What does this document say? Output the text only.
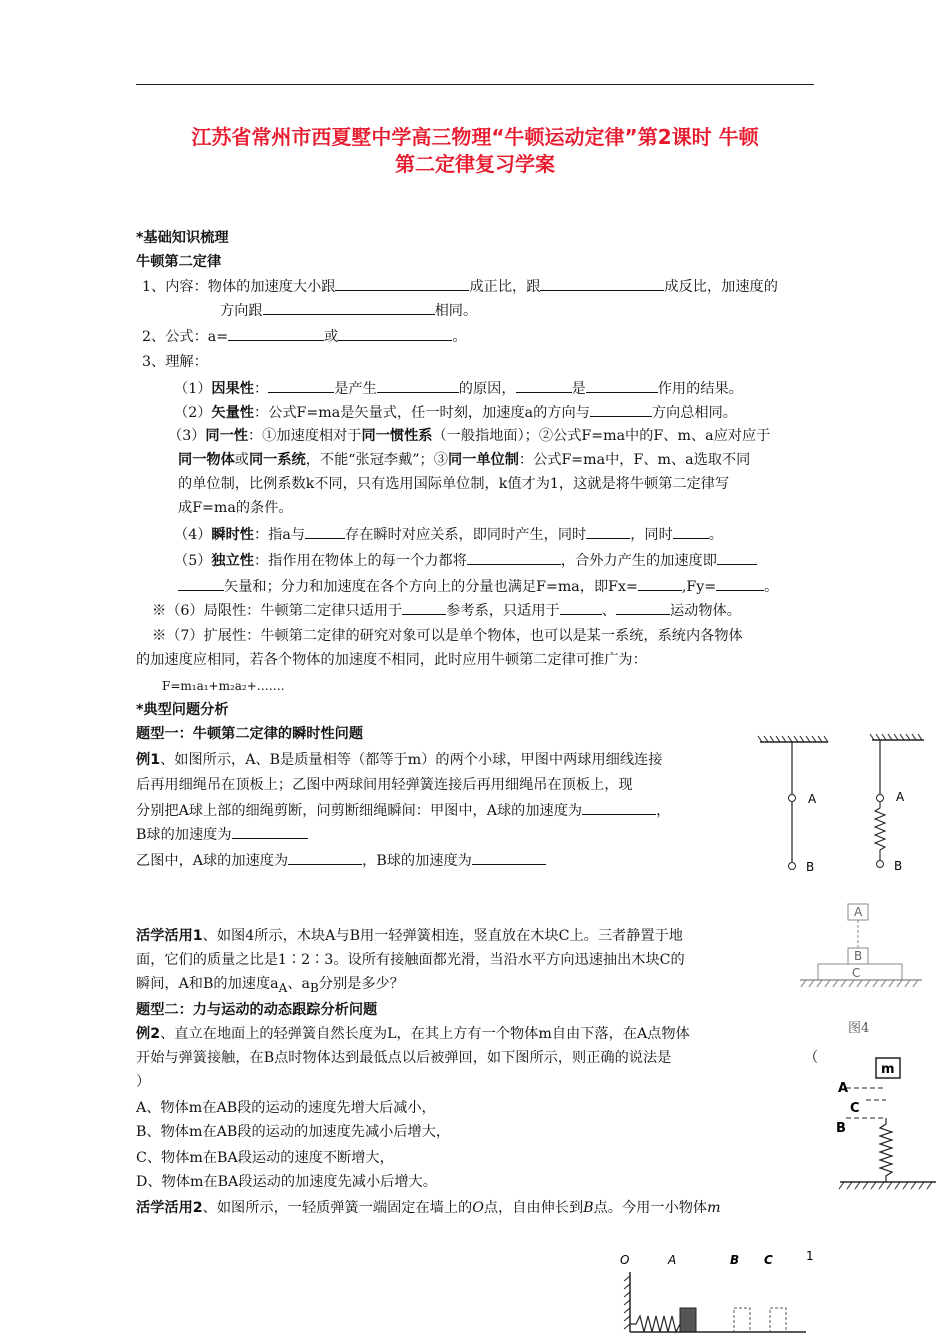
江苏省常州市西夏墅中学高三物理“牛顿运动定律”第2课时 牛顿
第二定律复习学案
*基础知识梳理
牛顿第二定律
1、内容：物体的加速度大小跟	成正比，跟	成反比，加速度的
方向跟	相同。
2、公式：a=	或	。
3、理解：
（1）因果性：	是产生	的原因，	是	作用的结果。
（2）矢量性：公式F=ma是矢量式，任一时刻，加速度a的方向与	方向总相同。
（3）同一性：①加速度相对于同一惯性系（一般指地面）；②公式F=ma中的F、m、a应对应于
同一物体或同一系统，不能“张冠李戴”；③同一单位制：公式F=ma中，F、m、a选取不同
的单位制，比例系数k不同，只有选用国际单位制，k值才为1，这就是将牛顿第二定律写
成F=ma的条件。
（4）瞬时性：指a与	存在瞬时对应关系，即同时产生，同时	，同时	。
（5）独立性：指作用在物体上的每一个力都将	，合外力产生的加速度即
矢量和；分力和加速度在各个方向上的分量也满足F=ma，即Fx=	,Fy=	。
※（6）局限性：牛顿第二定律只适用于	参考系，只适用于	、	运动物体。
※（7）扩展性：牛顿第二定律的研究对象可以是单个物体，也可以是某一系统，系统内各物体
的加速度应相同，若各个物体的加速度不相同，此时应用牛顿第二定律可推广为：
F=m₁a₁+m₂a₂+…….
*典型问题分析
题型一：牛顿第二定律的瞬时性问题
例1、如图所示，A、B是质量相等（都等于m）的两个小球，甲图中两球用细线连接
后再用细绳吊在顶板上；乙图中两球间用轻弹簧连接后再用细绳吊在顶板上，现
分别把A球上部的细绳剪断，问剪断细绳瞬间：甲图中，A球的加速度为	，
B球的加速度为
乙图中，A球的加速度为	，B球的加速度为
活学活用1、如图4所示，木块A与B用一轻弹簧相连，竖直放在木块C上。三者静置于地
面，它们的质量之比是1∶2∶3。设所有接触面都光滑，当沿水平方向迅速抽出木块C的
瞬间，A和B的加速度$a_A$、$a_B$分别是多少？
题型二：力与运动的动态跟踪分析问题
例2、直立在地面上的轻弹簧自然长度为L，在其上方有一个物体m自由下落，在A点物体
开始与弹簧接触，在B点时物体达到最低点以后被弹回，如下图所示，则正确的说法是	（
）
A、物体m在AB段的运动的速度先增大后减小，
B、物体m在AB段的运动的加速度先减小后增大，
C、物体m在BA段运动的速度不断增大，
D、物体m在BA段运动的加速度先减小后增大。
活学活用2、如图所示，一轻质弹簧一端固定在墙上的O点，自由伸长到B点。今用一小物体m
A
B
A
B
A
B
C
图4
m
A
C
B
O	A	B C	1
